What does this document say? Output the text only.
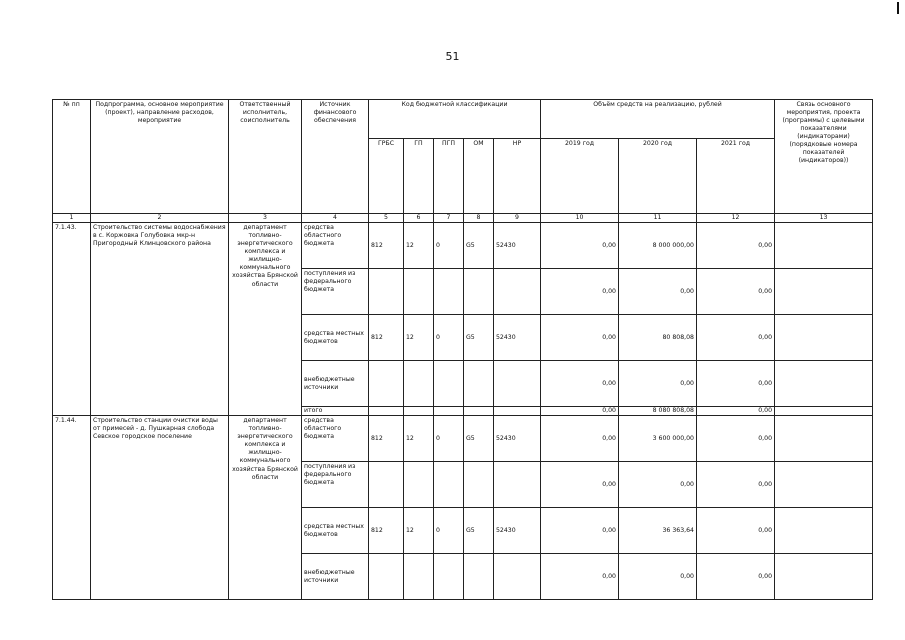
51
№ пп	Подпрограмма, основное мероприятие (проект), направление расходов, мероприятие	Ответственный исполнитель, соисполнитель	Источник финансового обеспечения	Код бюджетной классификации					Объём средств на реализацию, рублей			Связь основного мероприятия, проекта (программы) с целевыми показателями (индикаторами) (порядковые номера показателей (индикаторов))
				ГРБС	ГП	ПГП	ОМ	НР	2019 год	2020 год	2021 год	
1	2	3	4	5	6	7	8	9	10	11	12	13
7.1.43.	Строительство системы водоснабжения в с. Коржовка Голубовка мкр-н Пригородный Клинцовского района	департамент топливно-энергетического комплекса и жилищно-коммунального хозяйства Брянской области	средства областного бюджета	812	12	0	G5	52430	0,00	8 000 000,00	0,00	
			поступления из федерального бюджета						0,00	0,00	0,00	
			средства местных бюджетов	812	12	0	G5	52430	0,00	80 808,08	0,00	
			внебюджетные источники						0,00	0,00	0,00	
			итого						0,00	8 080 808,08	0,00	
7.1.44.	Строительство станции очистки воды от примесей - д. Пушкарная слобода Севское городское поселение	департамент топливно-энергетического комплекса и жилищно-коммунального хозяйства Брянской области	средства областного бюджета	812	12	0	G5	52430	0,00	3 600 000,00	0,00	
			поступления из федерального бюджета						0,00	0,00	0,00	
			средства местных бюджетов	812	12	0	G5	52430	0,00	36 363,64	0,00	
			внебюджетные источники						0,00	0,00	0,00	
